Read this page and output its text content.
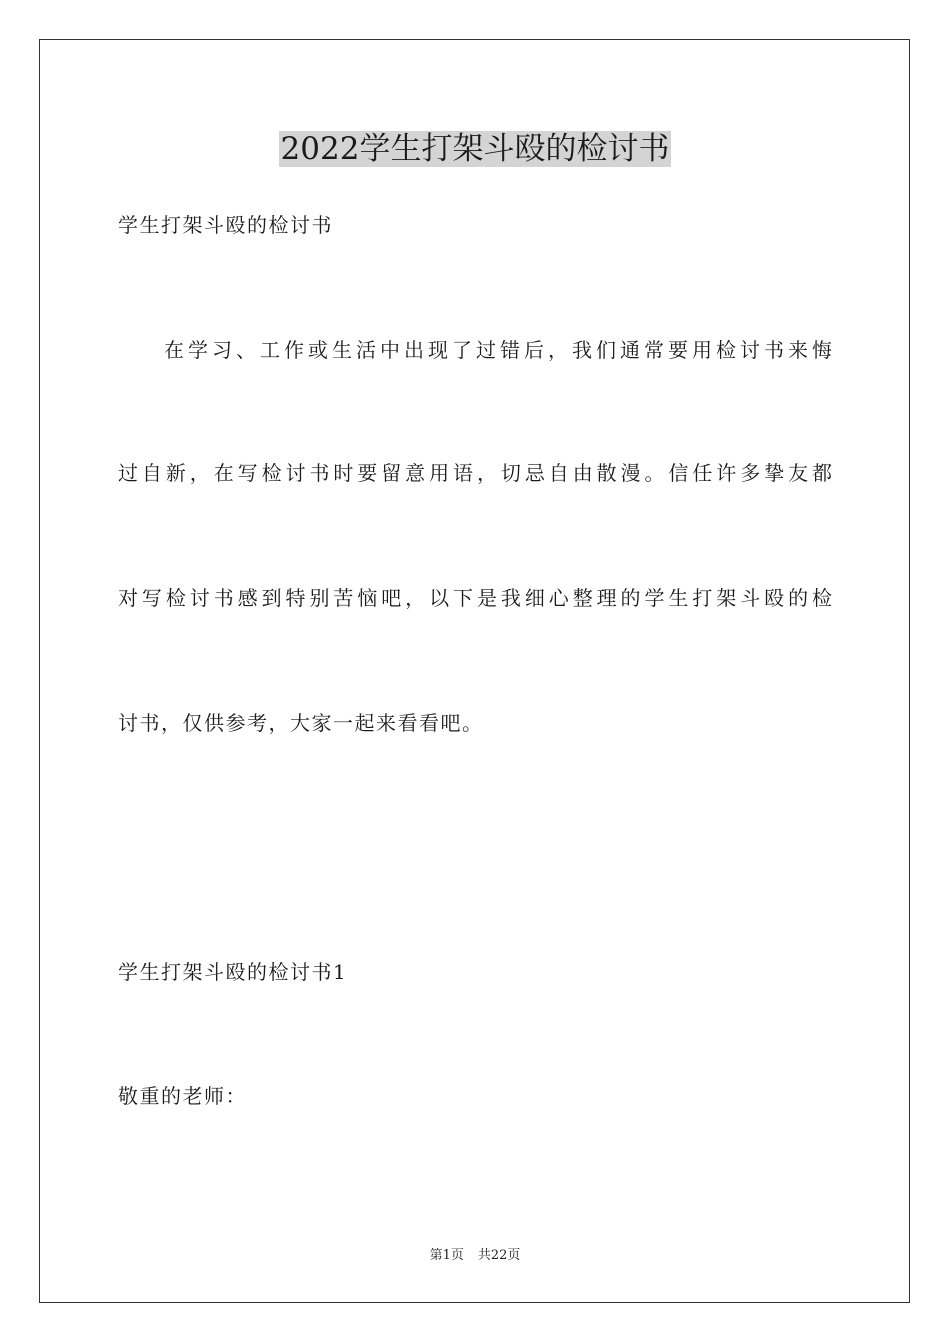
2022学生打架斗殴的检讨书
学生打架斗殴的检讨书
在学习、工作或生活中出现了过错后，我们通常要用检讨书来悔
过自新，在写检讨书时要留意用语，切忌自由散漫。信任许多挚友都
对写检讨书感到特别苦恼吧，以下是我细心整理的学生打架斗殴的检
讨书，仅供参考，大家一起来看看吧。
学生打架斗殴的检讨书1
敬重的老师：
第1页 共22页
